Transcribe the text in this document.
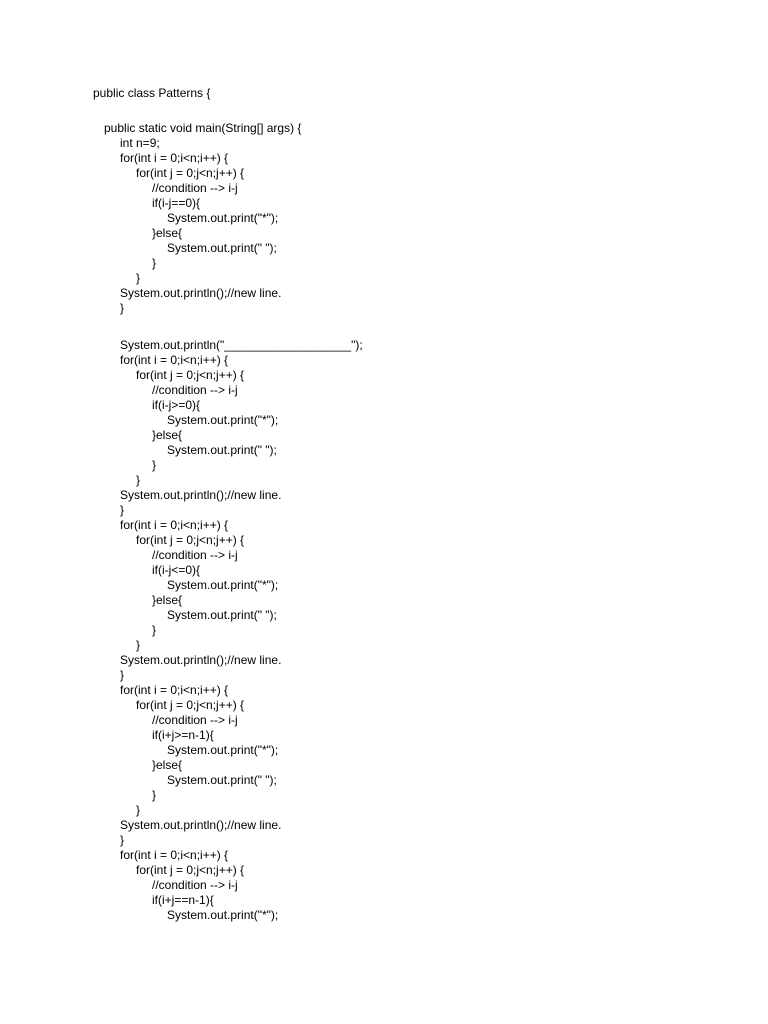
public class Patterns {
public static void main(String[] args) {
int n=9;
for(int i = 0;i<n;i++) {
for(int j = 0;j<n;j++) {
//condition --> i-j
if(i-j==0){
System.out.print("*");
}else{
System.out.print(" ");
}
}
System.out.println();//new line.
}
System.out.println("___________________");
for(int i = 0;i<n;i++) {
for(int j = 0;j<n;j++) {
//condition --> i-j
if(i-j>=0){
System.out.print("*");
}else{
System.out.print(" ");
}
}
System.out.println();//new line.
}
for(int i = 0;i<n;i++) {
for(int j = 0;j<n;j++) {
//condition --> i-j
if(i-j<=0){
System.out.print("*");
}else{
System.out.print(" ");
}
}
System.out.println();//new line.
}
for(int i = 0;i<n;i++) {
for(int j = 0;j<n;j++) {
//condition --> i-j
if(i+j>=n-1){
System.out.print("*");
}else{
System.out.print(" ");
}
}
System.out.println();//new line.
}
for(int i = 0;i<n;i++) {
for(int j = 0;j<n;j++) {
//condition --> i-j
if(i+j==n-1){
System.out.print("*");
